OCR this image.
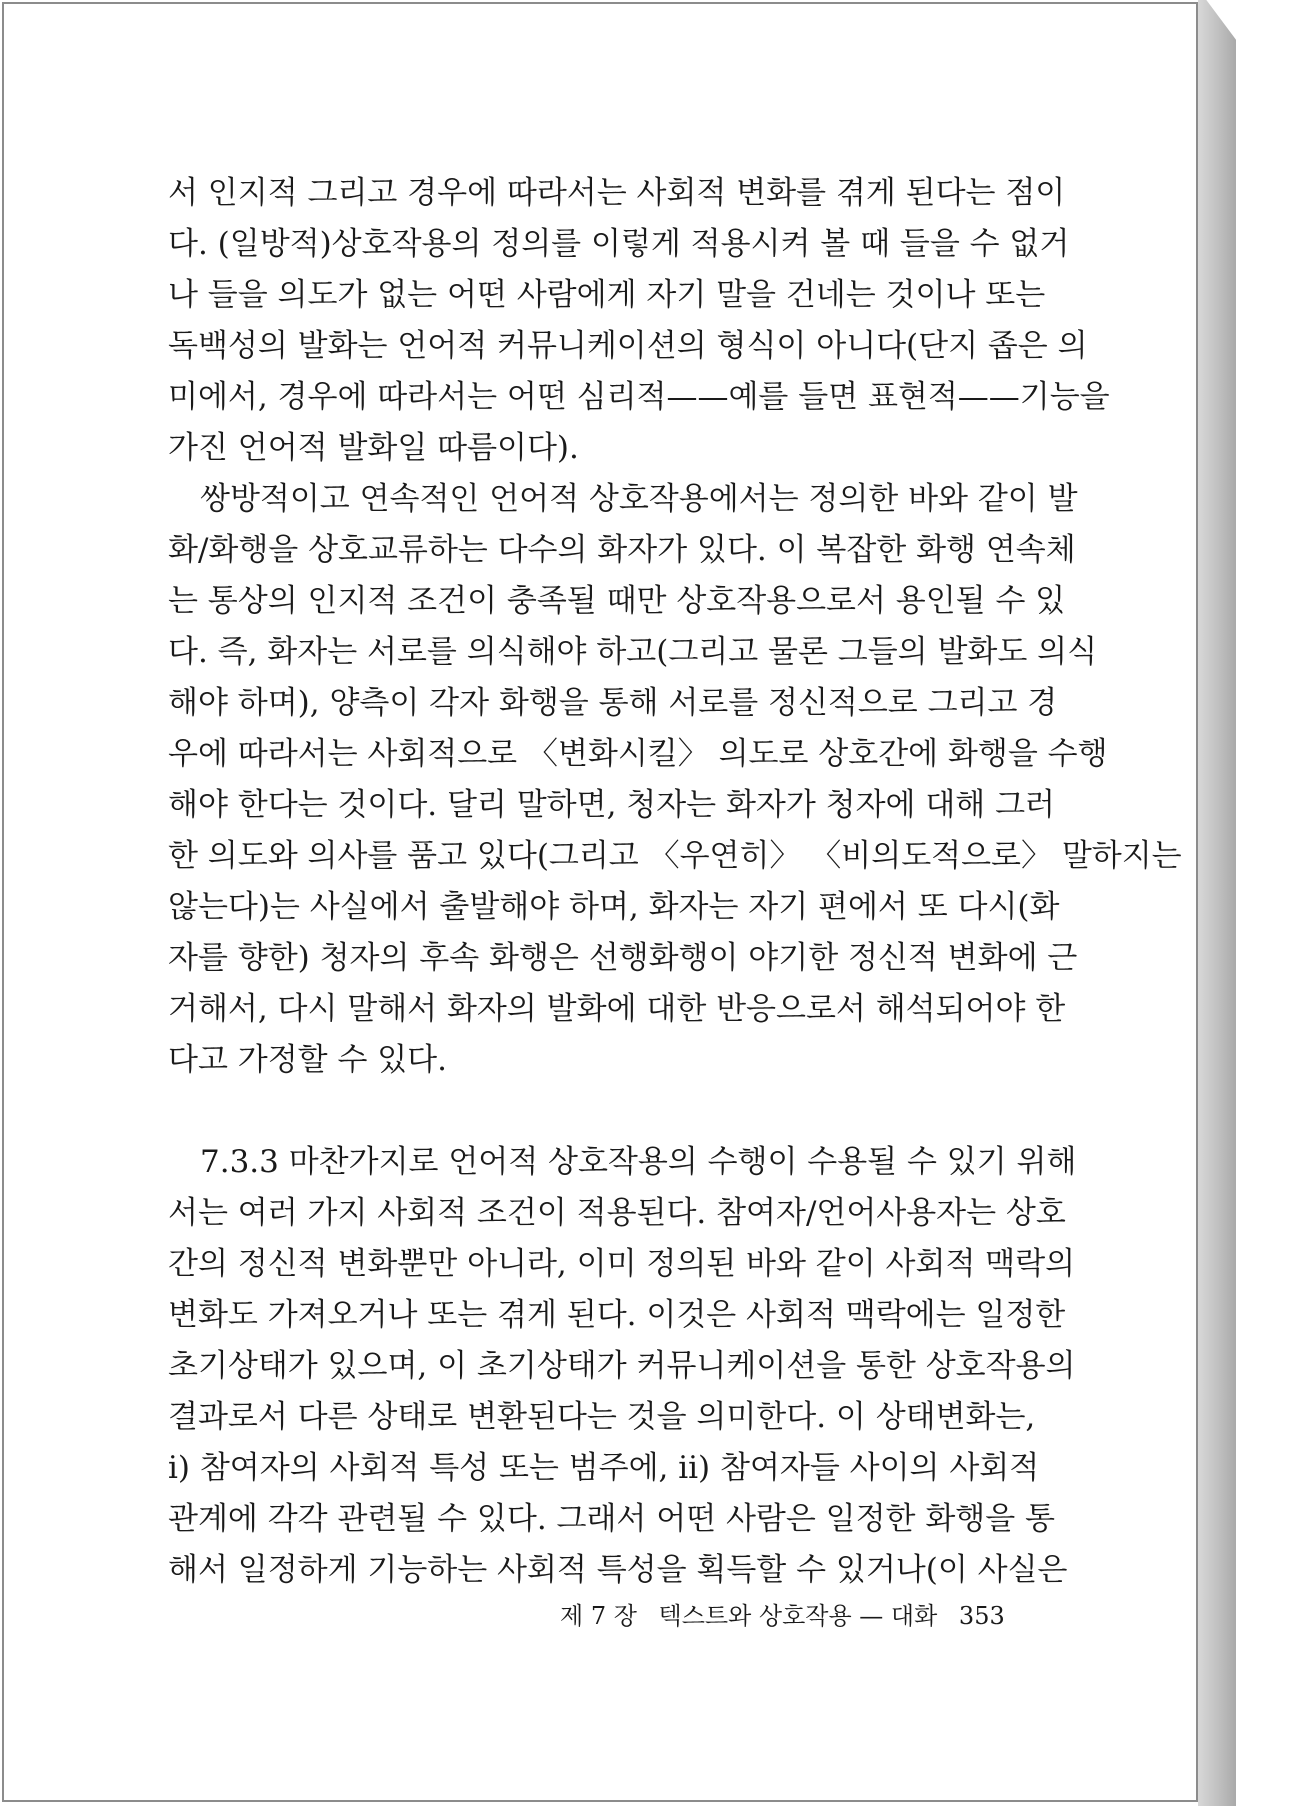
서 인지적 그리고 경우에 따라서는 사회적 변화를 겪게 된다는 점이
다. (일방적)상호작용의 정의를 이렇게 적용시켜 볼 때 들을 수 없거
나 들을 의도가 없는 어떤 사람에게 자기 말을 건네는 것이나 또는
독백성의 발화는 언어적 커뮤니케이션의 형식이 아니다(단지 좁은 의
미에서, 경우에 따라서는 어떤 심리적——예를 들면 표현적——기능을
가진 언어적 발화일 따름이다).

쌍방적이고 연속적인 언어적 상호작용에서는 정의한 바와 같이 발
화/화행을 상호교류하는 다수의 화자가 있다. 이 복잡한 화행 연속체
는 통상의 인지적 조건이 충족될 때만 상호작용으로서 용인될 수 있
다. 즉, 화자는 서로를 의식해야 하고(그리고 물론 그들의 발화도 의식
해야 하며), 양측이 각자 화행을 통해 서로를 정신적으로 그리고 경
우에 따라서는 사회적으로 〈변화시킬〉 의도로 상호간에 화행을 수행
해야 한다는 것이다. 달리 말하면, 청자는 화자가 청자에 대해 그러
한 의도와 의사를 품고 있다(그리고 〈우연히〉 〈비의도적으로〉 말하지는
않는다)는 사실에서 출발해야 하며, 화자는 자기 편에서 또 다시(화
자를 향한) 청자의 후속 화행은 선행화행이 야기한 정신적 변화에 근
거해서, 다시 말해서 화자의 발화에 대한 반응으로서 해석되어야 한
다고 가정할 수 있다.

7.3.3 마찬가지로 언어적 상호작용의 수행이 수용될 수 있기 위해
서는 여러 가지 사회적 조건이 적용된다. 참여자/언어사용자는 상호
간의 정신적 변화뿐만 아니라, 이미 정의된 바와 같이 사회적 맥락의
변화도 가져오거나 또는 겪게 된다. 이것은 사회적 맥락에는 일정한
초기상태가 있으며, 이 초기상태가 커뮤니케이션을 통한 상호작용의
결과로서 다른 상태로 변환된다는 것을 의미한다. 이 상태변화는,
ⅰ) 참여자의 사회적 특성 또는 범주에, ⅱ) 참여자들 사이의 사회적
관계에 각각 관련될 수 있다. 그래서 어떤 사람은 일정한 화행을 통
해서 일정하게 기능하는 사회적 특성을 획득할 수 있거나(이 사실은

제 7 장 텍스트와 상호작용 — 대화 353
